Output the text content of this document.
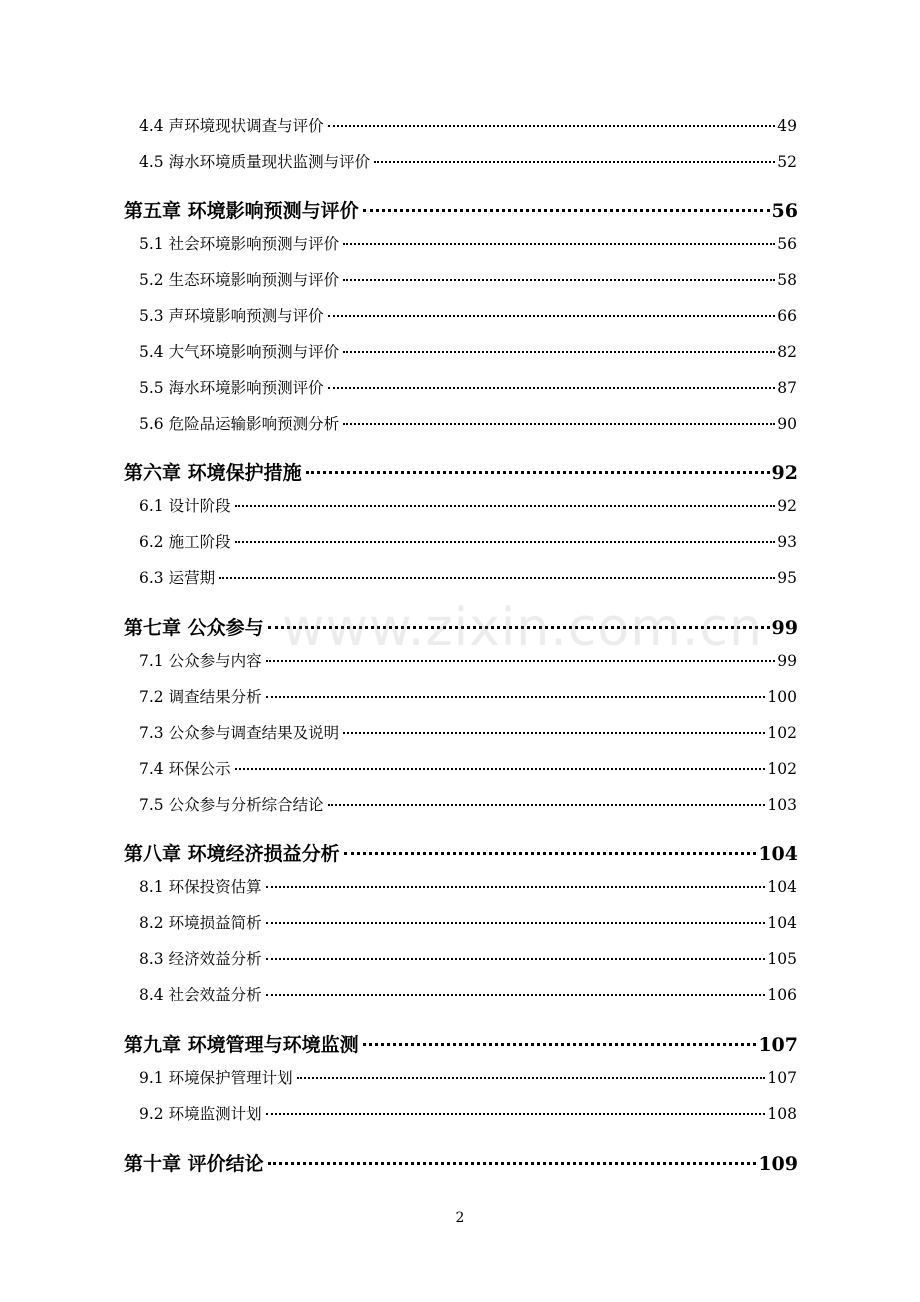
4.4 声环境现状调查与评价	49
4.5 海水环境质量现状监测与评价	52
第五章 环境影响预测与评价	56
5.1 社会环境影响预测与评价	56
5.2 生态环境影响预测与评价	58
5.3 声环境影响预测与评价	66
5.4 大气环境影响预测与评价	82
5.5 海水环境影响预测评价	87
5.6 危险品运输影响预测分析	90
第六章 环境保护措施	92
6.1 设计阶段	92
6.2 施工阶段	93
6.3 运营期	95
第七章 公众参与	99
7.1 公众参与内容	99
7.2 调查结果分析	100
7.3 公众参与调查结果及说明	102
7.4 环保公示	102
7.5 公众参与分析综合结论	103
第八章 环境经济损益分析	104
8.1 环保投资估算	104
8.2 环境损益简析	104
8.3 经济效益分析	105
8.4 社会效益分析	106
第九章 环境管理与环境监测	107
9.1 环境保护管理计划	107
9.2 环境监测计划	108
第十章 评价结论	109
www.zixin.com.cn
2
